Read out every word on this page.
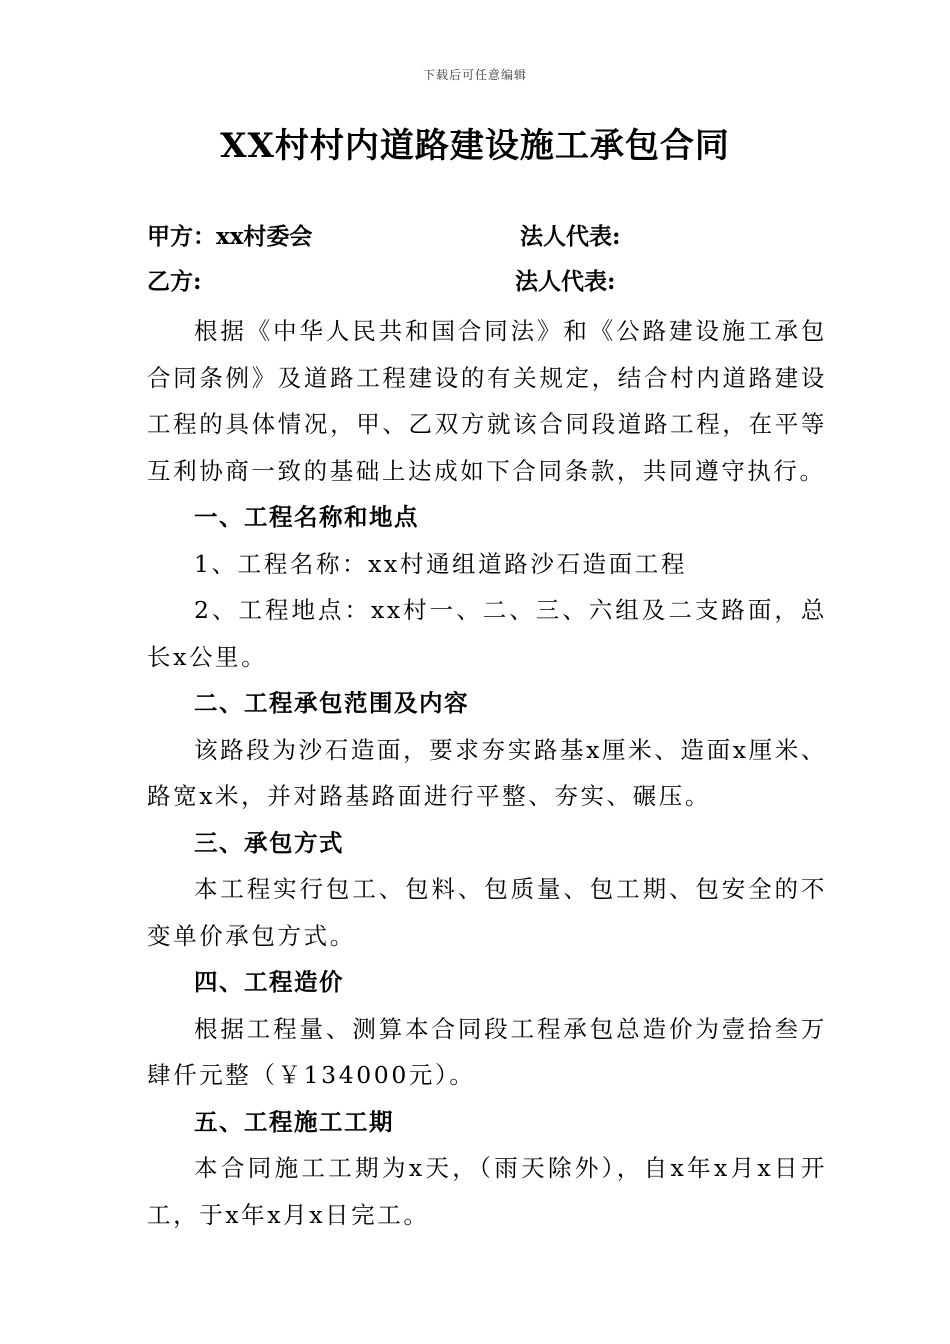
下载后可任意编辑
XX村村内道路建设施工承包合同
甲方：xx村委会	法人代表:
乙方:	法人代表:

根据《中华人民共和国合同法》和《公路建设施工承包合同条例》及道路工程建设的有关规定，结合村内道路建设工程的具体情况，甲、乙双方就该合同段道路工程，在平等互利协商一致的基础上达成如下合同条款，共同遵守执行。

一、工程名称和地点

1、工程名称：xx村通组道路沙石造面工程

2、工程地点：xx村一、二、三、六组及二支路面，总长x公里。

二、工程承包范围及内容

该路段为沙石造面，要求夯实路基x厘米、造面x厘米、路宽x米，并对路基路面进行平整、夯实、碾压。

三、承包方式

本工程实行包工、包料、包质量、包工期、包安全的不变单价承包方式。

四、工程造价

根据工程量、测算本合同段工程承包总造价为壹拾叁万肆仟元整（￥134000元）。

五、工程施工工期

本合同施工工期为x天，（雨天除外），自x年x月x日开工，于x年x月x日完工。
